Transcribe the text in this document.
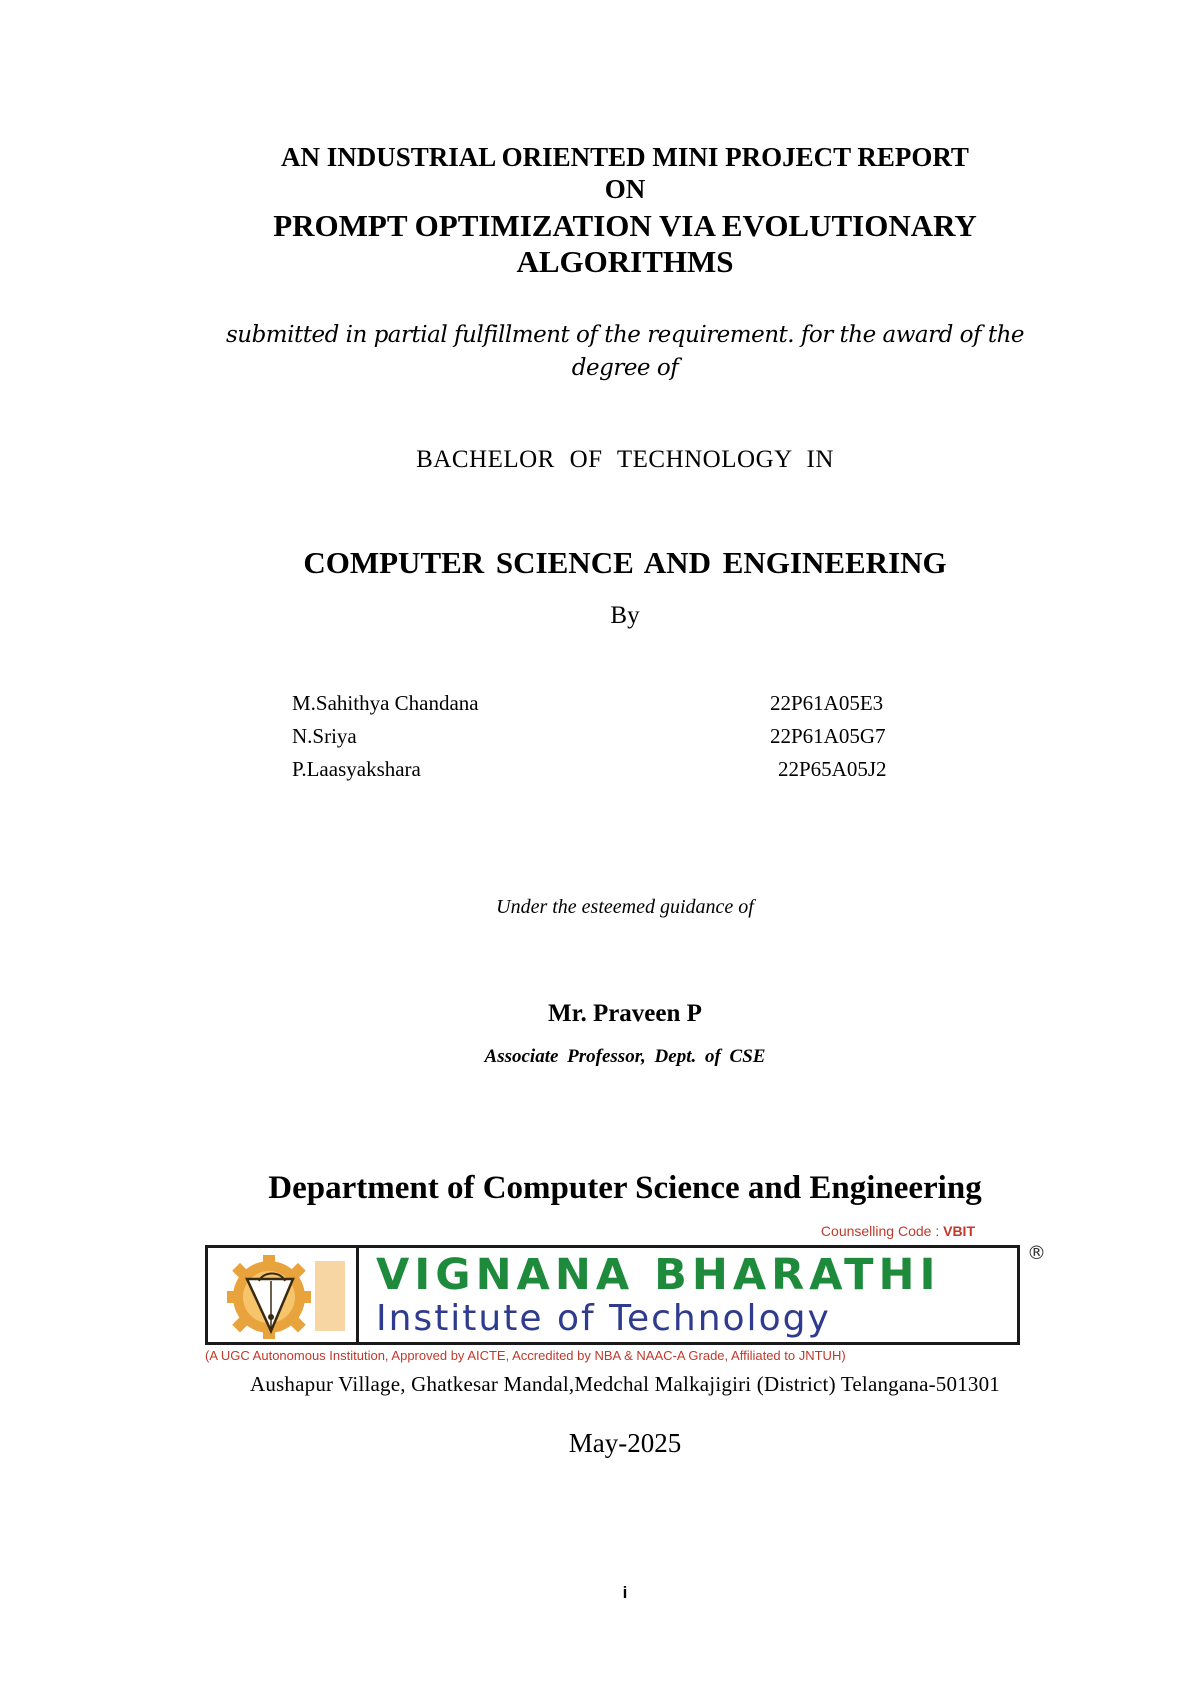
AN INDUSTRIAL ORIENTED MINI PROJECT REPORT
ON
PROMPT OPTIMIZATION VIA EVOLUTIONARY
ALGORITHMS
submitted in partial fulfillment of the requirement. for the award of the
degree of
BACHELOR OF TECHNOLOGY IN
COMPUTER SCIENCE AND ENGINEERING
By
M.Sahithya Chandana	22P61A05E3
N.Sriya	22P61A05G7
P.Laasyakshara	22P65A05J2
Under the esteemed guidance of
Mr. Praveen P
Associate Professor, Dept. of CSE
Department of Computer Science and Engineering
Counselling Code : VBIT
VIGNANA BHARATHI
Institute of Technology
®
(A UGC Autonomous Institution, Approved by AICTE, Accredited by NBA & NAAC-A Grade, Affiliated to JNTUH)
Aushapur Village, Ghatkesar Mandal,Medchal Malkajigiri (District) Telangana-501301
May-2025
i
